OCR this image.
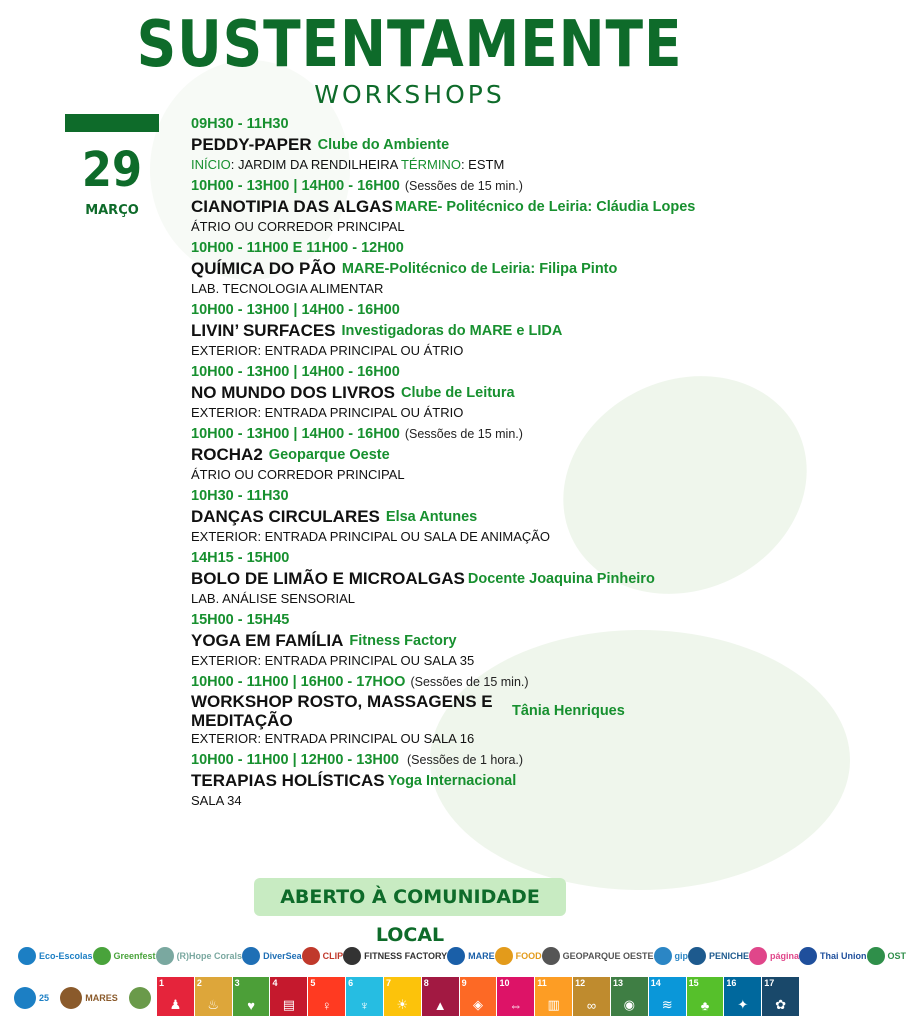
SUSTENTAMENTE
WORKSHOPS
29
MARÇO
09H30 - 11H30
PEDDY-PAPER Clube do Ambiente
INÍCIO: JARDIM DA RENDILHEIRA TÉRMINO: ESTM
10H00 - 13H00 | 14H00 - 16H00 (Sessões de 15 min.)
CIANOTIPIA DAS ALGAS MARE- Politécnico de Leiria: Cláudia Lopes
ÁTRIO OU CORREDOR PRINCIPAL
10H00 - 11H00 E 11H00 - 12H00
QUÍMICA DO PÃO MARE-Politécnico de Leiria: Filipa Pinto
LAB. TECNOLOGIA ALIMENTAR
10H00 - 13H00 | 14H00 - 16H00
LIVIN’ SURFACES Investigadoras do MARE e LIDA
EXTERIOR: ENTRADA PRINCIPAL OU ÁTRIO
10H00 - 13H00 | 14H00 - 16H00
NO MUNDO DOS LIVROS Clube de Leitura
EXTERIOR: ENTRADA PRINCIPAL OU ÁTRIO
10H00 - 13H00 | 14H00 - 16H00 (Sessões de 15 min.)
ROCHA2 Geoparque Oeste
ÁTRIO OU CORREDOR PRINCIPAL
10H30 - 11H30
DANÇAS CIRCULARES Elsa Antunes
EXTERIOR: ENTRADA PRINCIPAL OU SALA DE ANIMAÇÃO
14H15 - 15H00
BOLO DE LIMÃO E MICROALGAS Docente Joaquina Pinheiro
LAB. ANÁLISE SENSORIAL
15H00 - 15H45
YOGA EM FAMÍLIA Fitness Factory
EXTERIOR: ENTRADA PRINCIPAL OU SALA 35
10H00 - 11H00 | 16H00 - 17HOO (Sessões de 15 min.)
WORKSHOP ROSTO, MASSAGENS E MEDITAÇÃO	Tânia Henriques
EXTERIOR: ENTRADA PRINCIPAL OU SALA 16
10H00 - 11H00 | 12H00 - 13H00 (Sessões de 1 hora.)
TERAPIAS HOLÍSTICAS Yoga Internacional
SALA 34
ABERTO À COMUNIDADE LOCAL
Eco-Escolas Greenfest (R)Hope Corals DiverSea CLIP FITNESS FACTORY MARE FOOD GEOPARQUE OESTE gip PENICHE página Thai Union OST
25	MARES
1
♟
2
♨
3
♥
4
▤
5
♀
6
♆
7
☀
8
▲
9
◈
10
⇔
11
▥
12
∞
13
◉
14
≋
15
♣
16
✦
17
✿
